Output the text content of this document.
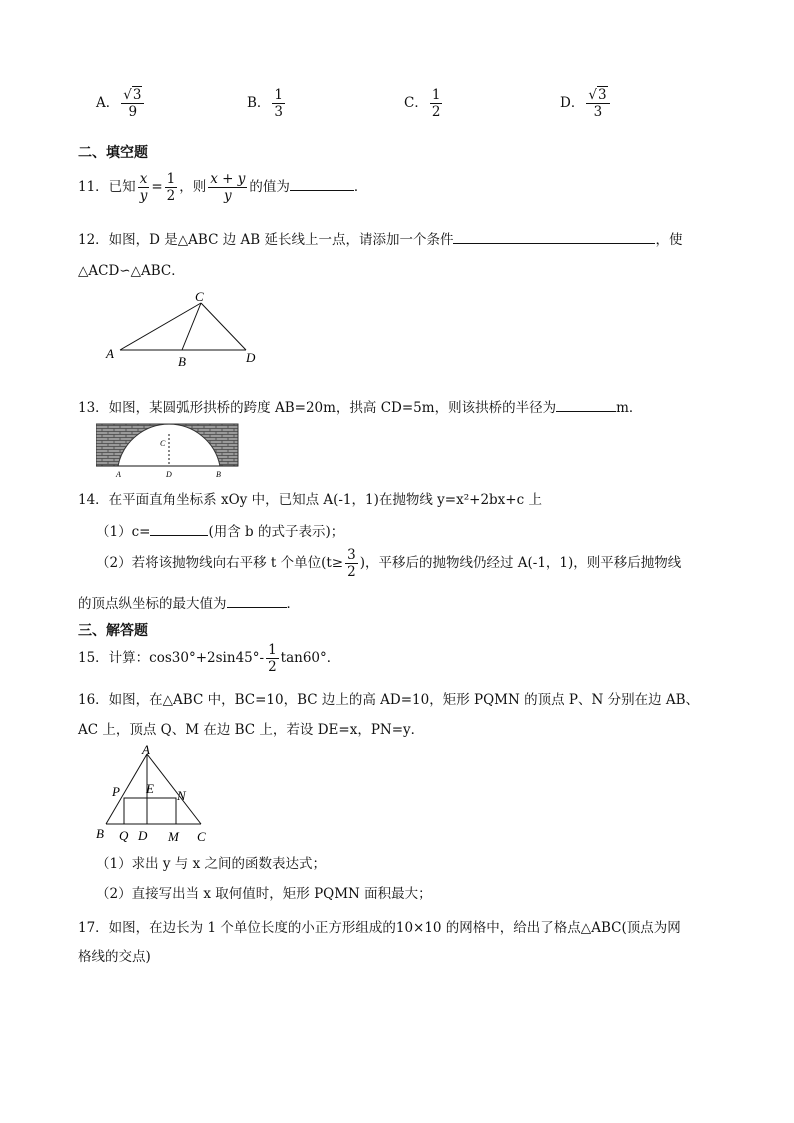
A． $\frac{√3}{9}$	B． $\frac{1}{3}$	C． $\frac{1}{2}$	D． $\frac{√3}{3}$
二、填空题
11．已知 $\frac{x}{y} = \frac{1}{2}$ ，则 $\frac{x + y}{y}$ 的值为	．
12．如图，D 是△ABC 边 AB 延长线上一点，请添加一个条件	，使
△ACD∽△ABC．
C
A
B	D
13．如图，某圆弧形拱桥的跨度 AB=20m，拱高 CD=5m，则该拱桥的半径为	m．
C
A	D	B
14．在平面直角坐标系 xOy 中，已知点 A(-1，1)在抛物线 y=x²+2bx+c 上
（1）c=	(用含 b 的式子表示)；
（2）若将该抛物线向右平移 t 个单位($t\ge \frac{3}{2}$ )，平移后的抛物线仍经过 A(-1，1)，则平移后抛物线
的顶点纵坐标的最大值为	．
三、解答题
15．计算：$\cos 30^\circ+2\sin 45^\circ- \frac{1}{2} \tan 60^\circ$．
16．如图，在△ABC 中，BC=10，BC 边上的高 AD=10，矩形 PQMN 的顶点 P、N 分别在边 AB、
AC 上，顶点 Q、M 在边 BC 上，若设 DE=x，PN=y．
A
P E N
B Q D M C
（1）求出 y 与 x 之间的函数表达式；
（2）直接写出当 x 取何值时，矩形 PQMN 面积最大；
17．如图，在边长为 1 个单位长度的小正方形组成的10×10 的网格中，给出了格点△ABC(顶点为网
格线的交点)
